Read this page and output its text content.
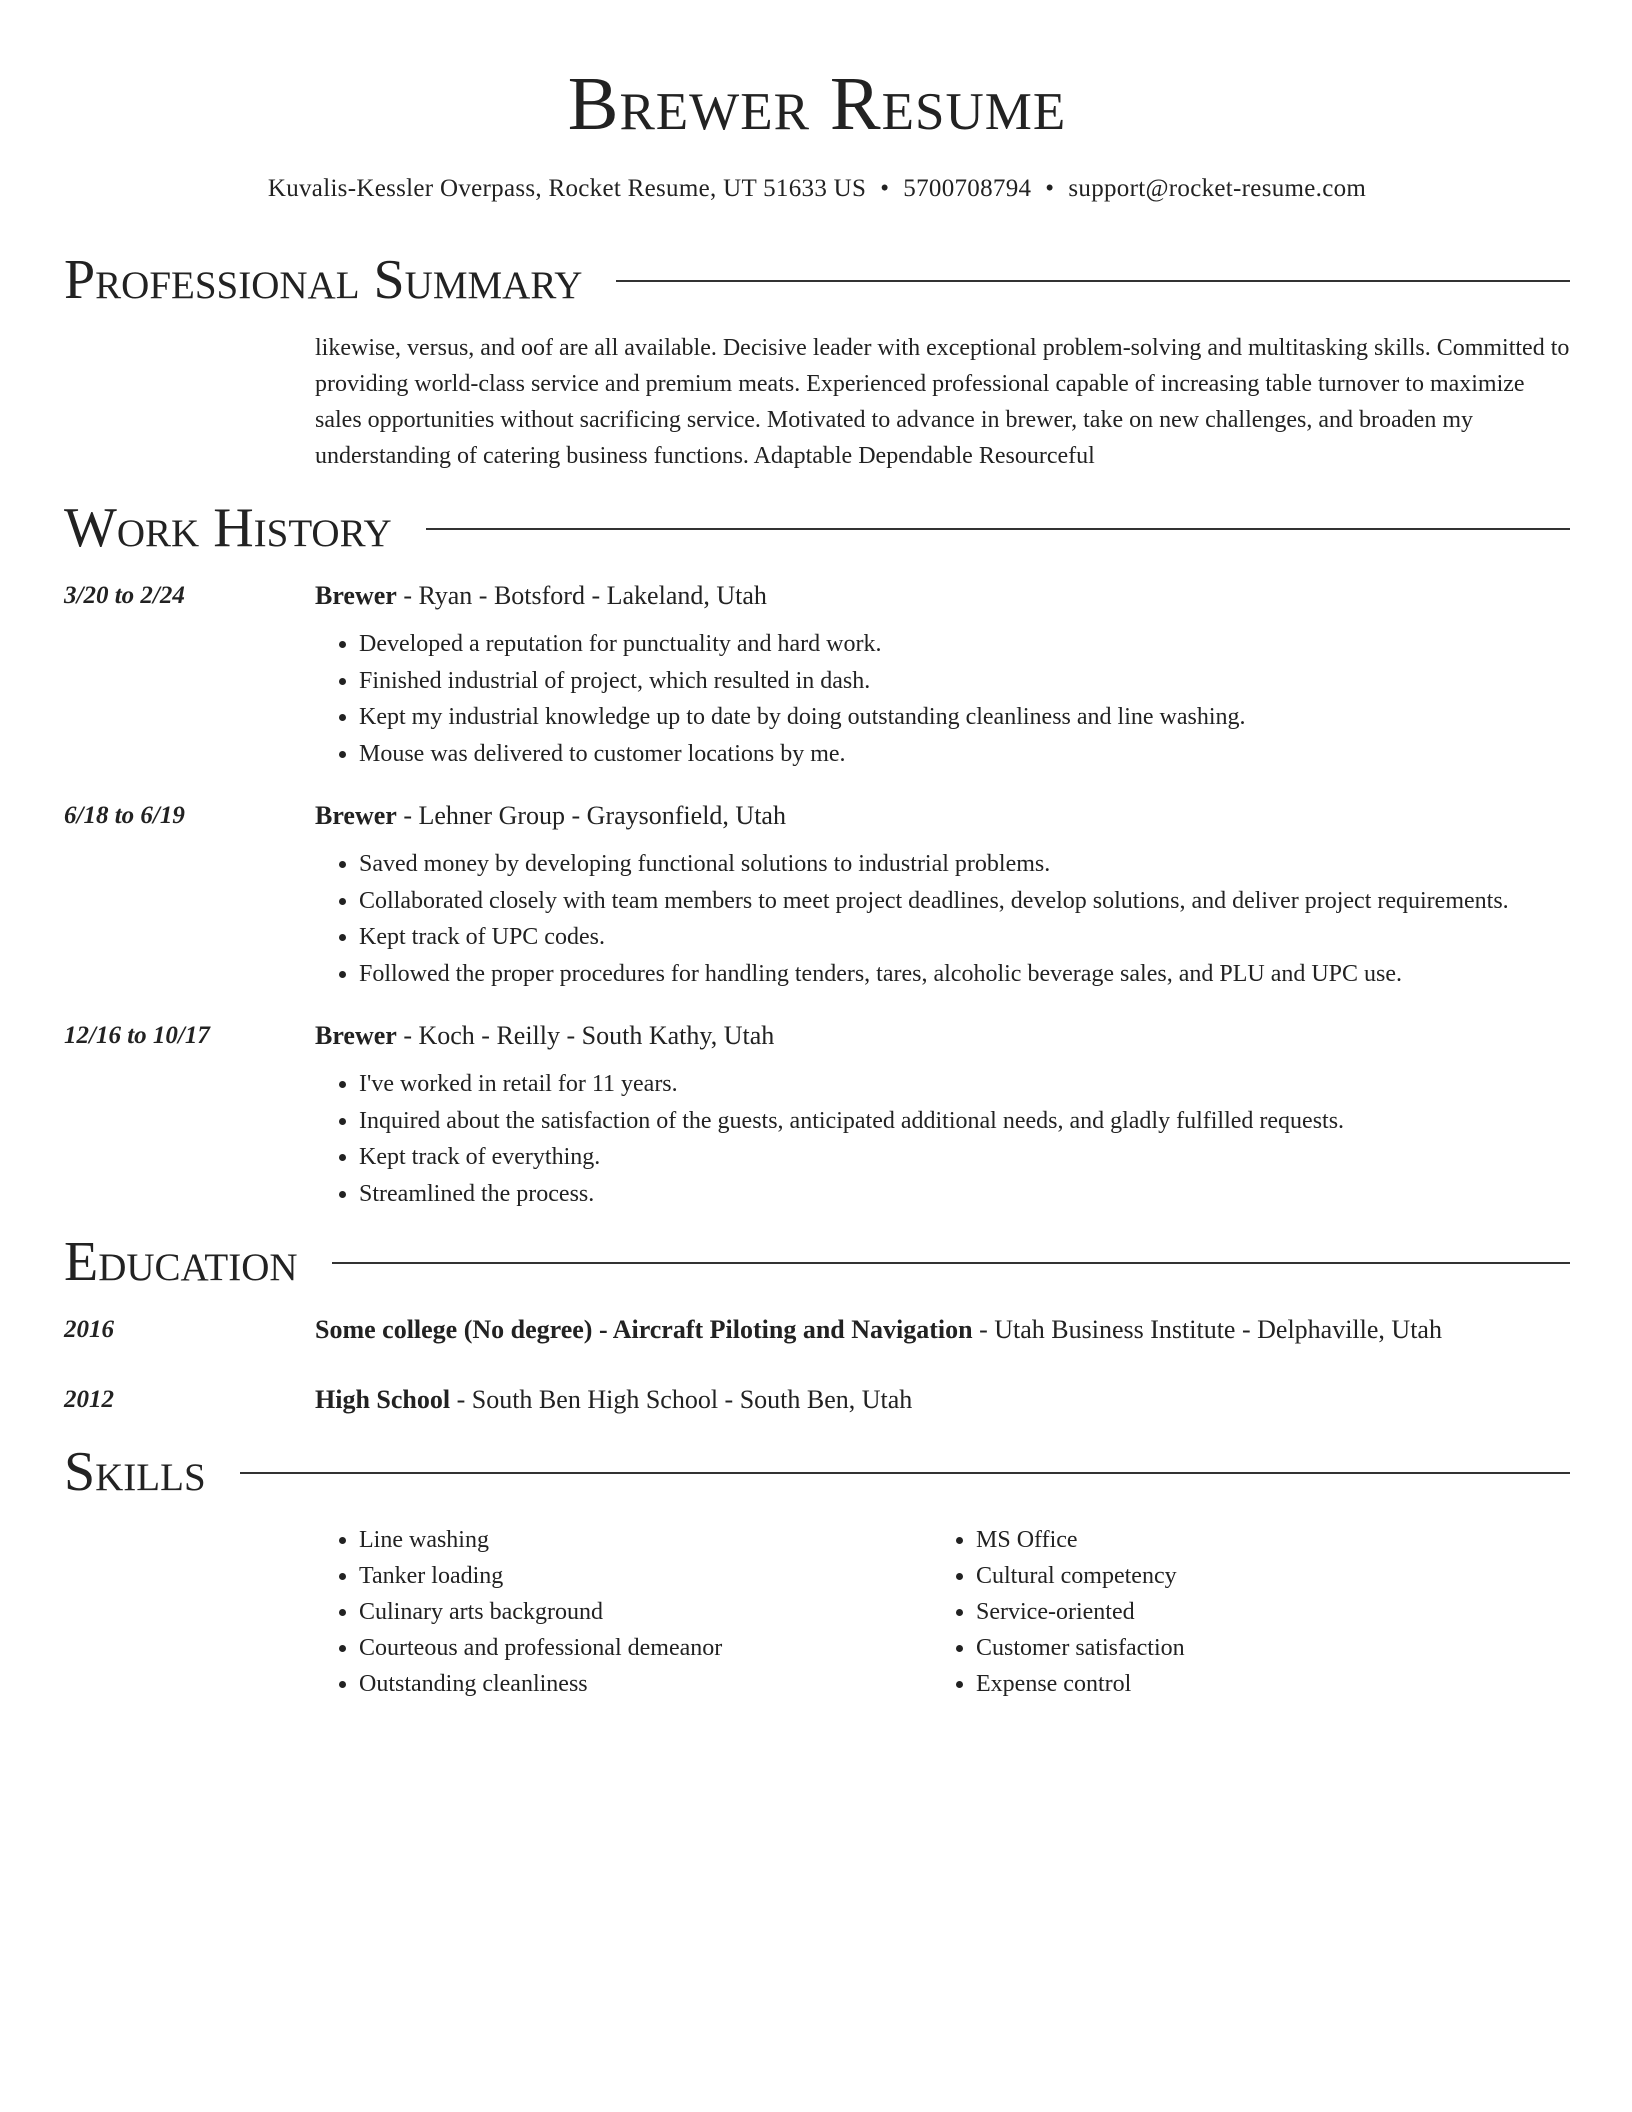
Brewer Resume
Kuvalis-Kessler Overpass, Rocket Resume, UT 51633 US • 5700708794 • support@rocket-resume.com
Professional Summary
likewise, versus, and oof are all available. Decisive leader with exceptional problem-solving and multitasking skills. Committed to providing world-class service and premium meats. Experienced professional capable of increasing table turnover to maximize sales opportunities without sacrificing service. Motivated to advance in brewer, take on new challenges, and broaden my understanding of catering business functions. Adaptable Dependable Resourceful
Work History
3/20 to 2/24	Brewer - Ryan - Botsford - Lakeland, Utah
• Developed a reputation for punctuality and hard work.
• Finished industrial of project, which resulted in dash.
• Kept my industrial knowledge up to date by doing outstanding cleanliness and line washing.
• Mouse was delivered to customer locations by me.
6/18 to 6/19	Brewer - Lehner Group - Graysonfield, Utah
• Saved money by developing functional solutions to industrial problems.
• Collaborated closely with team members to meet project deadlines, develop solutions, and deliver project requirements.
• Kept track of UPC codes.
• Followed the proper procedures for handling tenders, tares, alcoholic beverage sales, and PLU and UPC use.
12/16 to 10/17	Brewer - Koch - Reilly - South Kathy, Utah
• I've worked in retail for 11 years.
• Inquired about the satisfaction of the guests, anticipated additional needs, and gladly fulfilled requests.
• Kept track of everything.
• Streamlined the process.
Education
2016	Some college (No degree) - Aircraft Piloting and Navigation - Utah Business Institute - Delphaville, Utah
2012	High School - South Ben High School - South Ben, Utah
Skills
• Line washing
• Tanker loading
• Culinary arts background
• Courteous and professional demeanor
• Outstanding cleanliness
• MS Office
• Cultural competency
• Service-oriented
• Customer satisfaction
• Expense control
